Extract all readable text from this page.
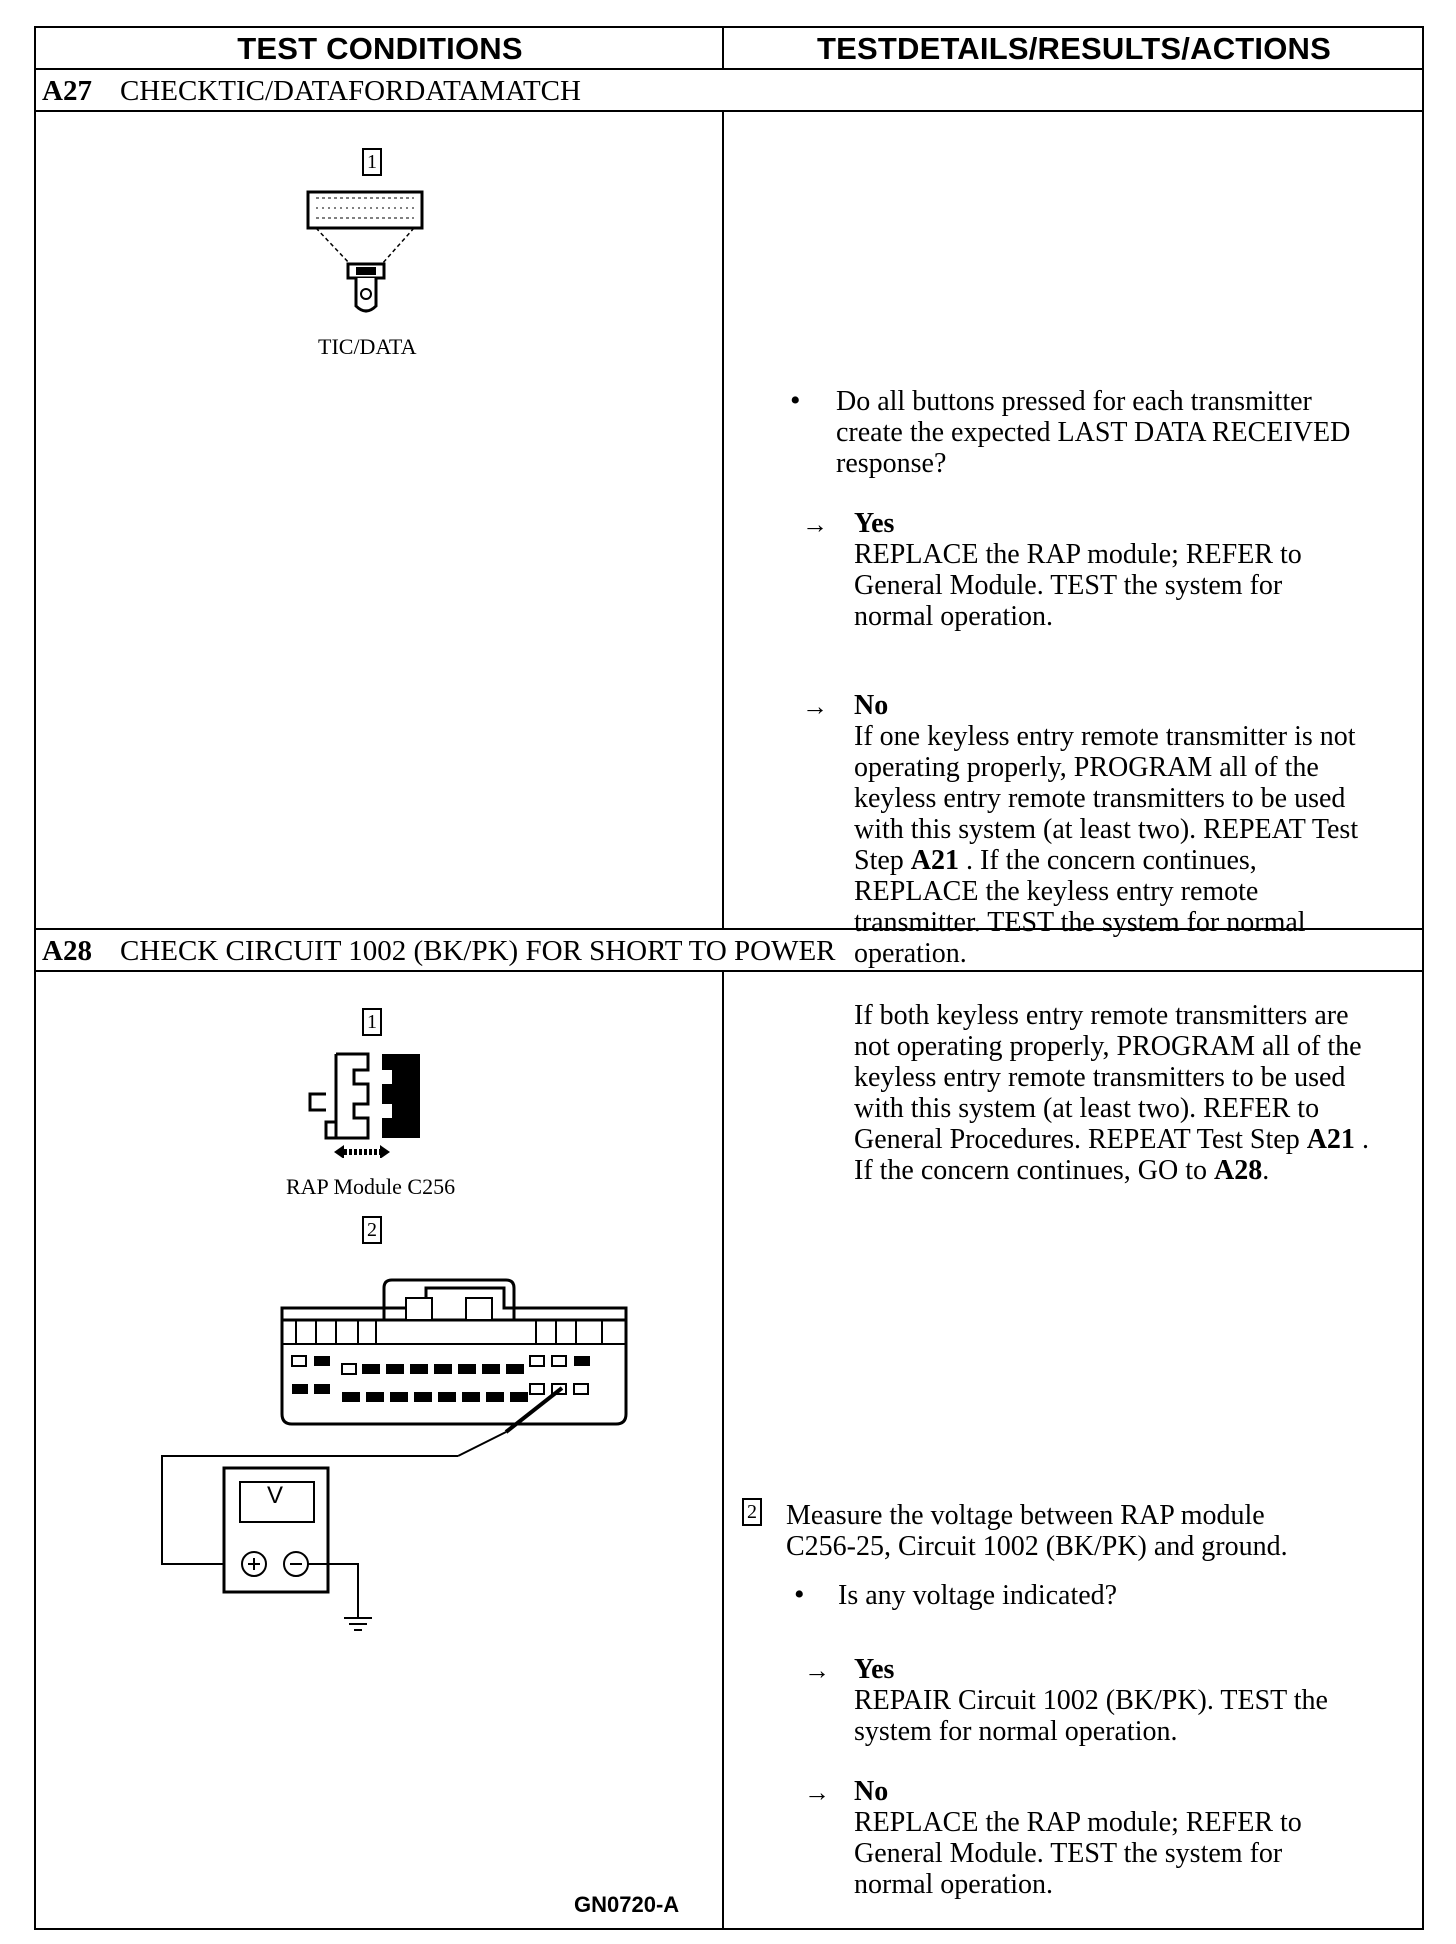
TEST CONDITIONS	TESTDETAILS/RESULTS/ACTIONS
A27 CHECKTIC/DATAFORDATAMATCH
1
TIC/DATA
• Do all buttons pressed for each transmitter
create the expected LAST DATA RECEIVED
response?
→ Yes
REPLACE the RAP module; REFER to
General Module. TEST the system for
normal operation.
→ No
If one keyless entry remote transmitter is not
operating properly, PROGRAM all of the
keyless entry remote transmitters to be used
with this system (at least two). REPEAT Test
Step A21 . If the concern continues,
REPLACE the keyless entry remote
transmitter. TEST the system for normal
operation.
If both keyless entry remote transmitters are
not operating properly, PROGRAM all of the
keyless entry remote transmitters to be used
with this system (at least two). REFER to
General Procedures. REPEAT Test Step A21 .
If the concern continues, GO to A28.
A28 CHECK CIRCUIT 1002 (BK/PK) FOR SHORT TO POWER
1
RAP Module C256
2
V
GN0720-A
2 Measure the voltage between RAP module
C256-25, Circuit 1002 (BK/PK) and ground.
• Is any voltage indicated?
→ Yes
REPAIR Circuit 1002 (BK/PK). TEST the
system for normal operation.
→ No
REPLACE the RAP module; REFER to
General Module. TEST the system for
normal operation.
